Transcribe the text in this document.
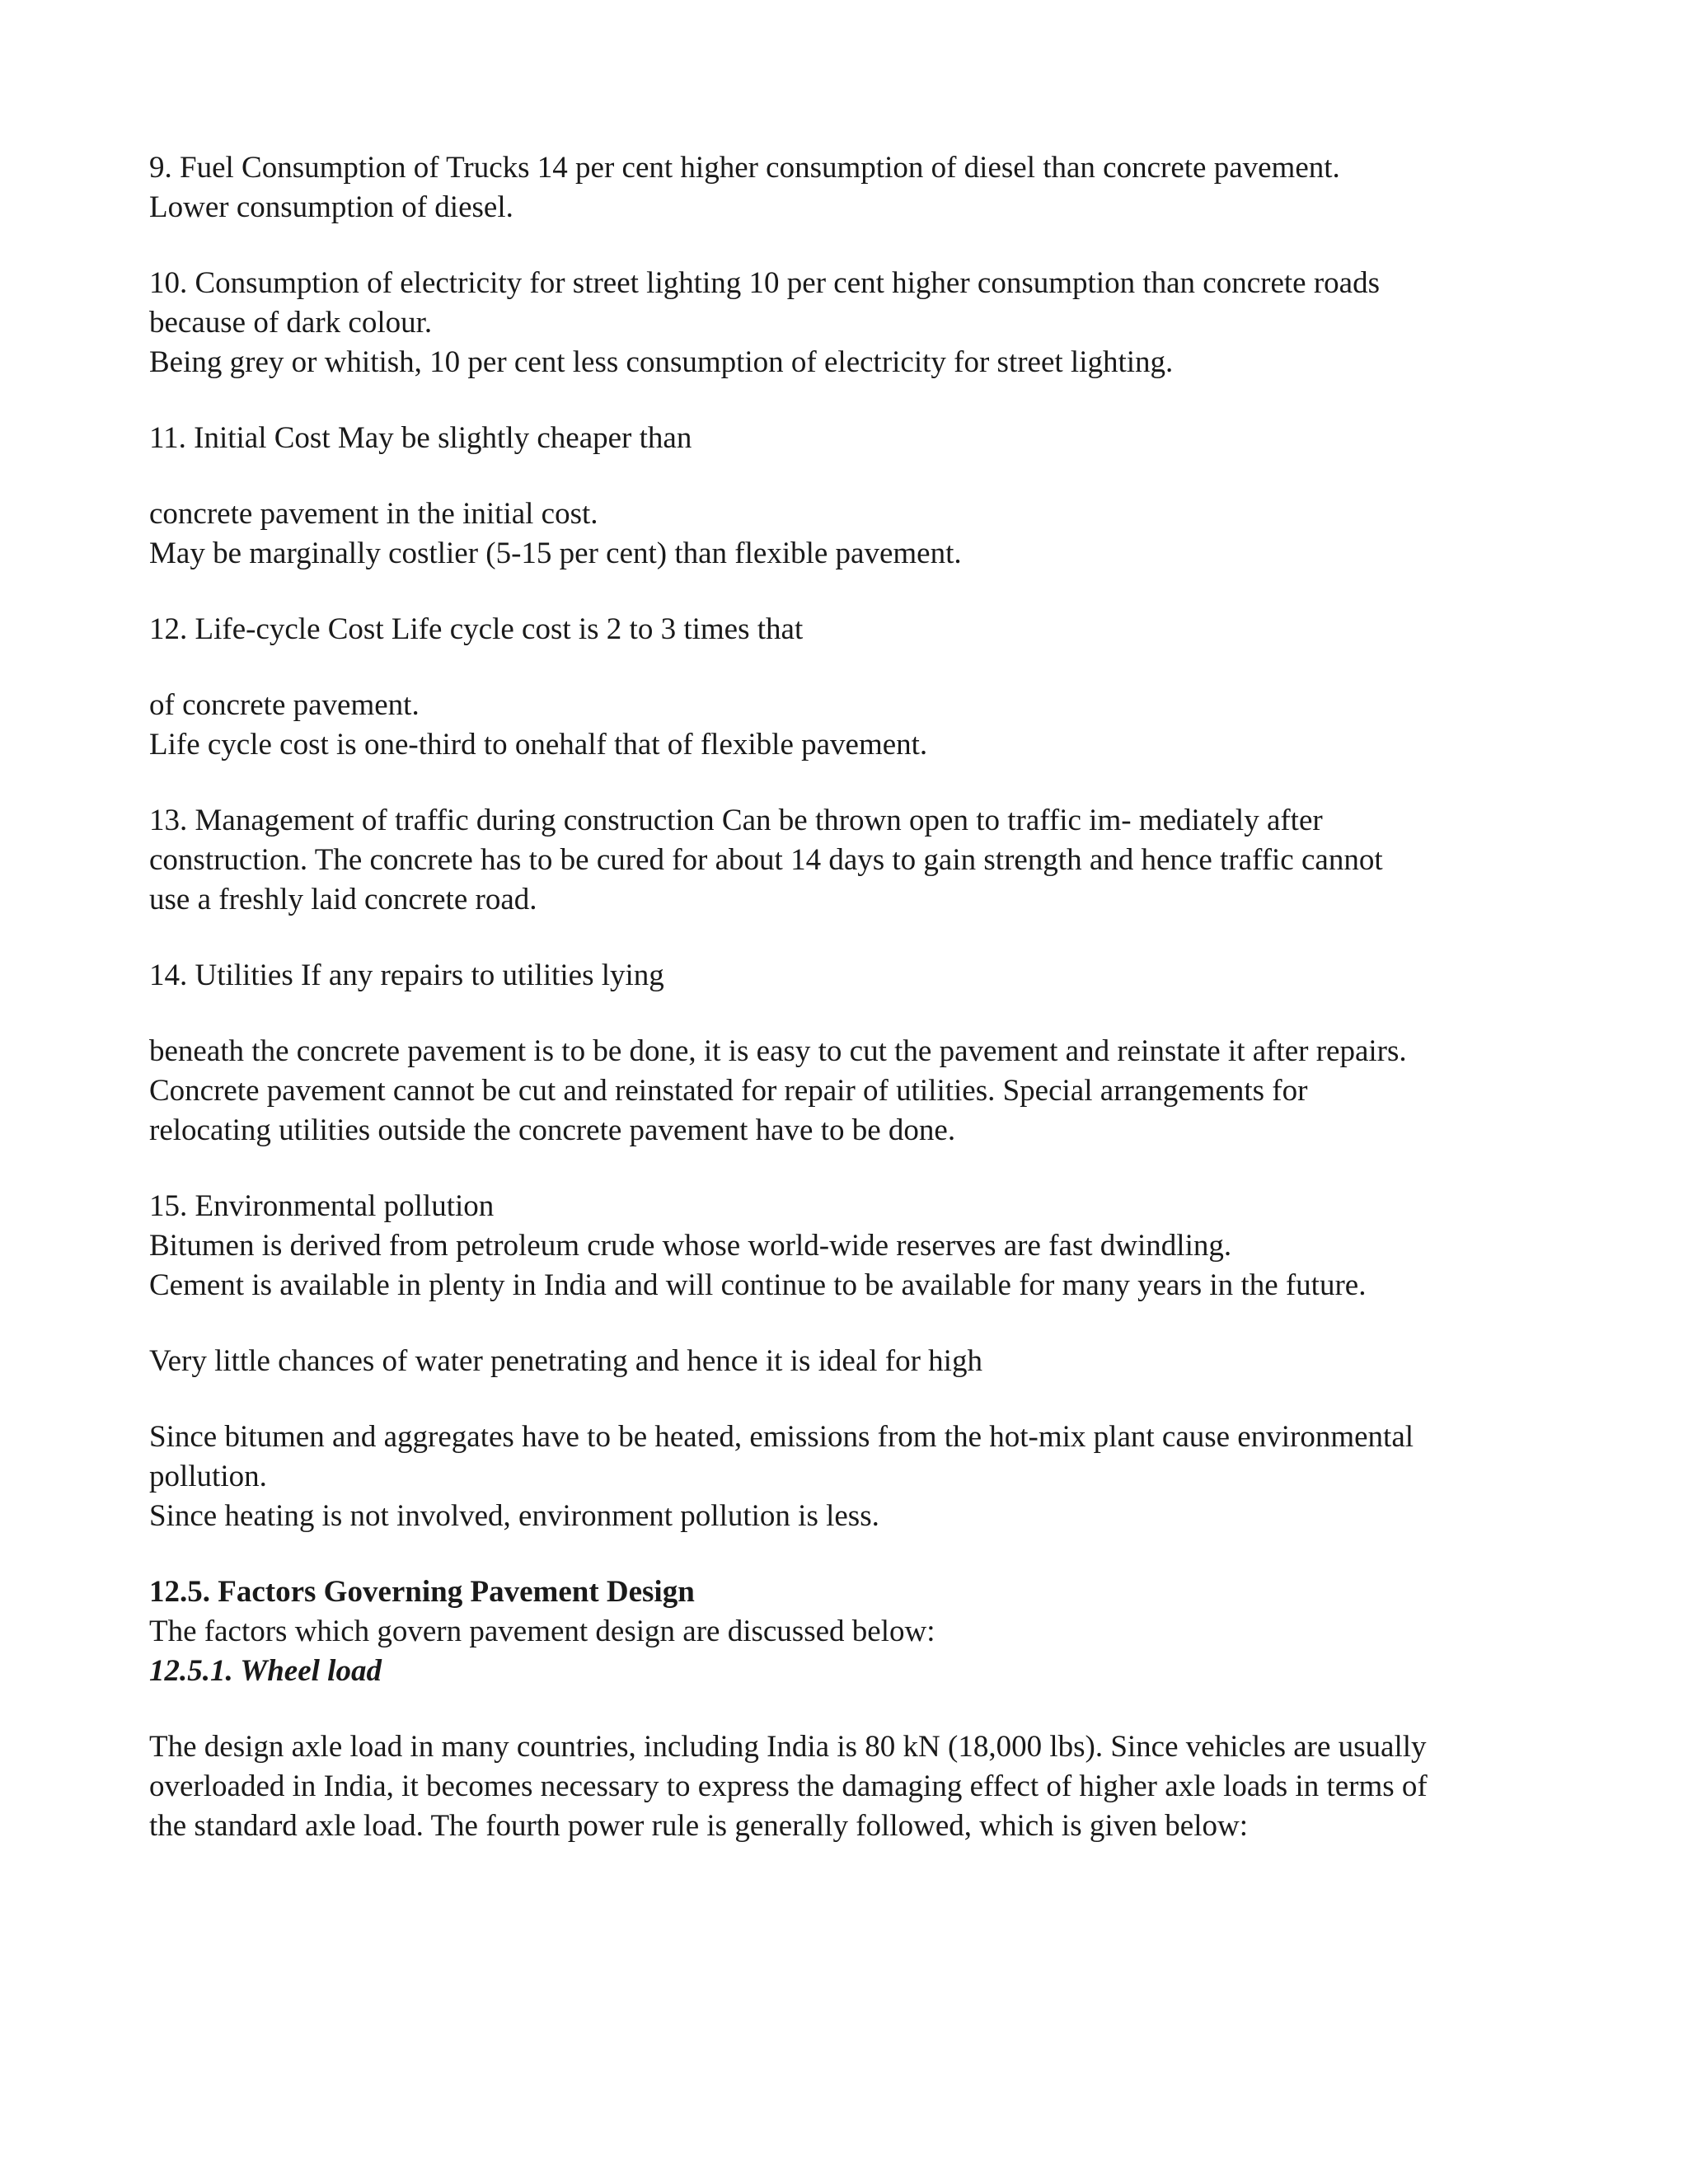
9. Fuel Consumption of Trucks 14 per cent higher consumption of diesel than concrete pavement.
Lower consumption of diesel.

10. Consumption of electricity for street lighting 10 per cent higher consumption than concrete roads
because of dark colour.
Being grey or whitish, 10 per cent less consumption of electricity for street lighting.

11. Initial Cost May be slightly cheaper than

concrete pavement in the initial cost.
May be marginally costlier (5-15 per cent) than flexible pavement.

12. Life-cycle Cost Life cycle cost is 2 to 3 times that

of concrete pavement.
Life cycle cost is one-third to onehalf that of flexible pavement.

13. Management of traffic during construction Can be thrown open to traffic im- mediately after
construction. The concrete has to be cured for about 14 days to gain strength and hence traffic cannot
use a freshly laid concrete road.

14. Utilities If any repairs to utilities lying

beneath the concrete pavement is to be done, it is easy to cut the pavement and reinstate it after repairs.
Concrete pavement cannot be cut and reinstated for repair of utilities. Special arrangements for
relocating utilities outside the concrete pavement have to be done.

15. Environmental pollution
Bitumen is derived from petroleum crude whose world-wide reserves are fast dwindling.
Cement is available in plenty in India and will continue to be available for many years in the future.

Very little chances of water penetrating and hence it is ideal for high

Since bitumen and aggregates have to be heated, emissions from the hot-mix plant cause environmental
pollution.
Since heating is not involved, environment pollution is less.

12.5. Factors Governing Pavement Design
The factors which govern pavement design are discussed below:
12.5.1. Wheel load

The design axle load in many countries, including India is 80 kN (18,000 lbs). Since vehicles are usually
overloaded in India, it becomes necessary to express the damaging effect of higher axle loads in terms of
the standard axle load. The fourth power rule is generally followed, which is given below:
